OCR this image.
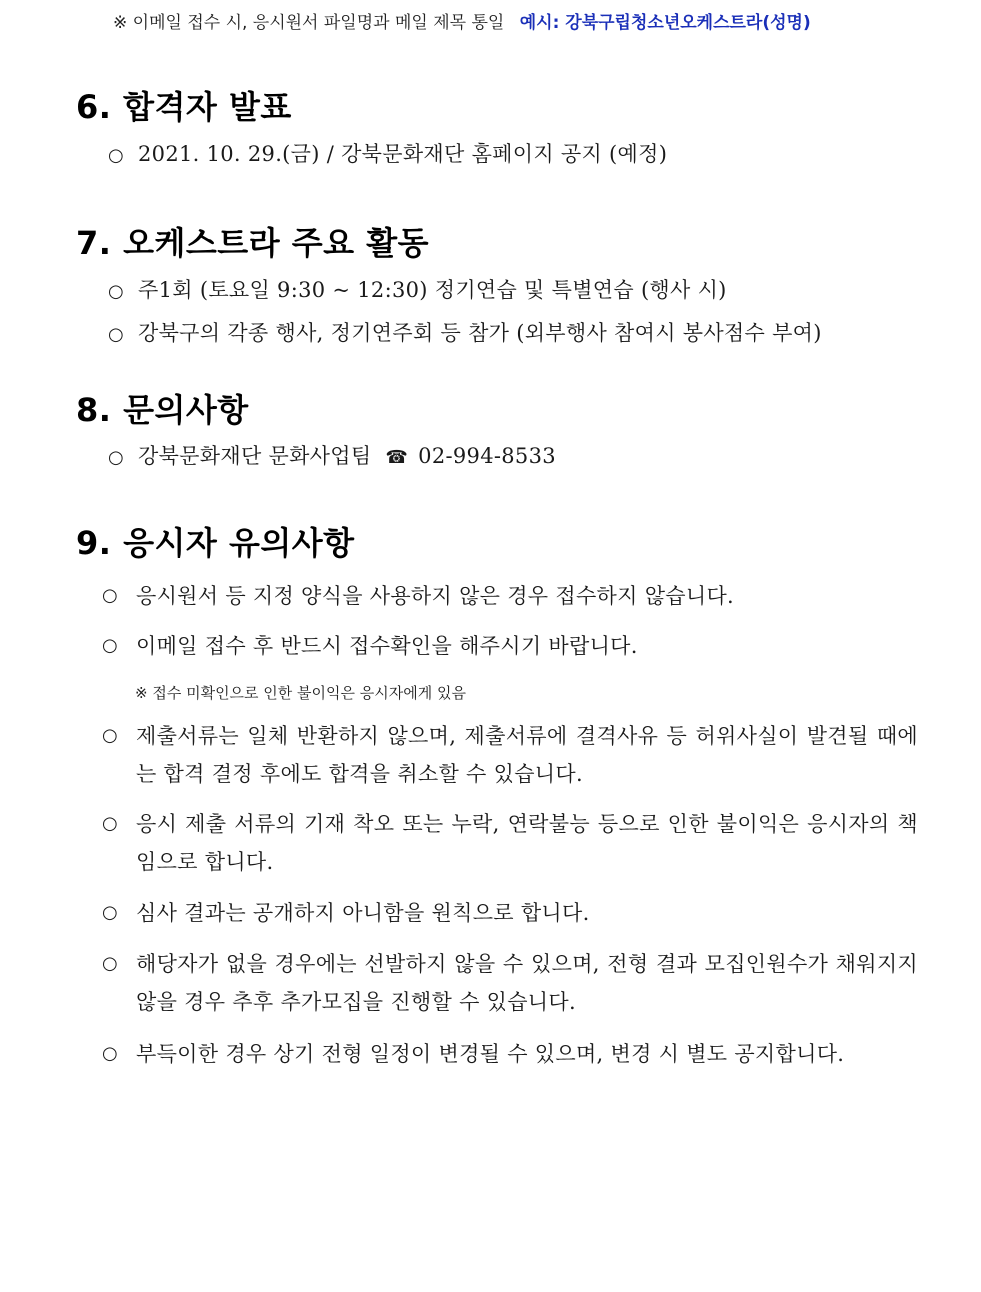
※ 이메일 접수 시, 응시원서 파일명과 메일 제목 통일 예시: 강북구립청소년오케스트라(성명)
6. 합격자 발표
○ 2021. 10. 29.(금) / 강북문화재단 홈페이지 공지 (예정)
7. 오케스트라 주요 활동
○ 주1회 (토요일 9:30 ~ 12:30) 정기연습 및 특별연습 (행사 시)
○ 강북구의 각종 행사, 정기연주회 등 참가 (외부행사 참여시 봉사점수 부여)
8. 문의사항
○ 강북문화재단 문화사업팀 ☎ 02-994-8533
9. 응시자 유의사항
○ 응시원서 등 지정 양식을 사용하지 않은 경우 접수하지 않습니다.
○ 이메일 접수 후 반드시 접수확인을 해주시기 바랍니다.
※ 접수 미확인으로 인한 불이익은 응시자에게 있음
○ 제출서류는 일체 반환하지 않으며, 제출서류에 결격사유 등 허위사실이 발견될 때에는 합격 결정 후에도 합격을 취소할 수 있습니다.
○ 응시 제출 서류의 기재 착오 또는 누락, 연락불능 등으로 인한 불이익은 응시자의 책임으로 합니다.
○ 심사 결과는 공개하지 아니함을 원칙으로 합니다.
○ 해당자가 없을 경우에는 선발하지 않을 수 있으며, 전형 결과 모집인원수가 채워지지 않을 경우 추후 추가모집을 진행할 수 있습니다.
○ 부득이한 경우 상기 전형 일정이 변경될 수 있으며, 변경 시 별도 공지합니다.
